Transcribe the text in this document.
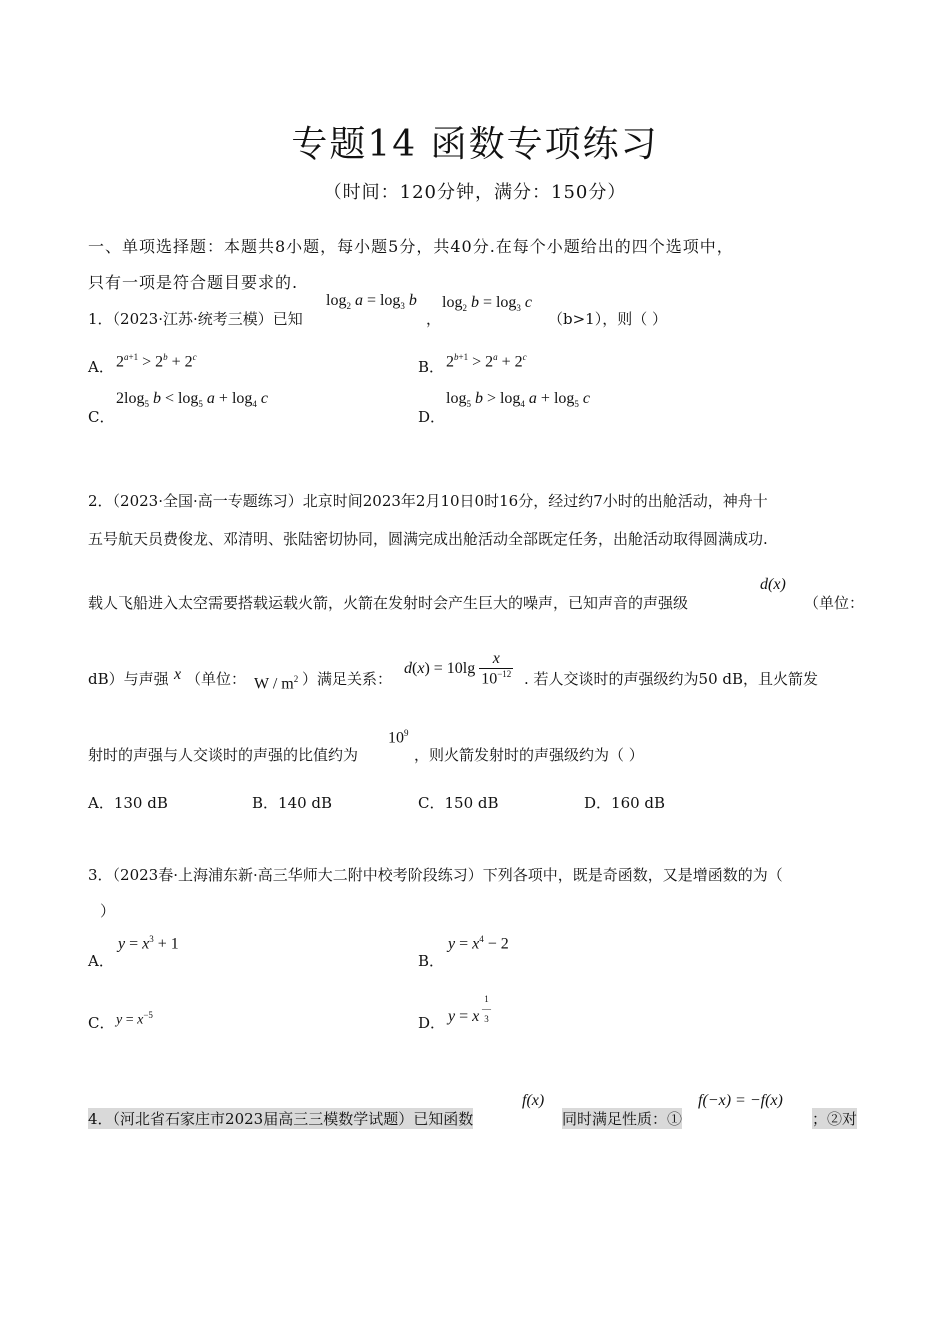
专题14 函数专项练习
（时间：120分钟，满分：150分）
一、单项选择题：本题共8小题，每小题5分，共40分.在每个小题给出的四个选项中，
只有一项是符合题目要求的.
1．（2023·江苏·统考三模）已知
$\log_2 a = \log_3 b$
，
$\log_2 b = \log_3 c$
（b>1），则（ ）
A． $2^{a+1} > 2^b + 2^c$
B． $2^{b+1} > 2^a + 2^c$
C．
$2\log_5$ $b < \log_5 a + \log_4 c$
D．
$\log_5 b > \log_4 a + \log_5 c$
2．（2023·全国·高一专题练习）北京时间2023年2月10日0时16分，经过约7小时的出舱活动，神舟十
五号航天员费俊龙、邓清明、张陆密切协同，圆满完成出舱活动全部既定任务，出舱活动取得圆满成功.
载人飞船进入太空需要搭载运载火箭，火箭在发射时会产生巨大的噪声，已知声音的声强级
d(x)
（单位：
dB）与声强 x （单位： W / $m^2$ ）满足关系：
$d(x) = 10\lg \frac{x}{10^{-12}}$ . 若人交谈时的声强级约为50 dB，且火箭发
射时的声强与人交谈时的声强的比值约为
$10^9$
，则火箭发射时的声强级约为（ ）
A．130 dB	B．140 dB	C．150 dB	D．160 dB
3．（2023春·上海浦东新·高三华师大二附中校考阶段练习）下列各项中，既是奇函数，又是增函数的为（
）
A．
$y = x^3 + 1$
B．
$y = x^4 - 2$
C． $y = x^{-5}$	D． y = x
1
—
3
4．（河北省石家庄市2023届高三三模数学试题）已知函数
f(x)
同时满足性质：①
f(−x) = −f(x)
；②对
